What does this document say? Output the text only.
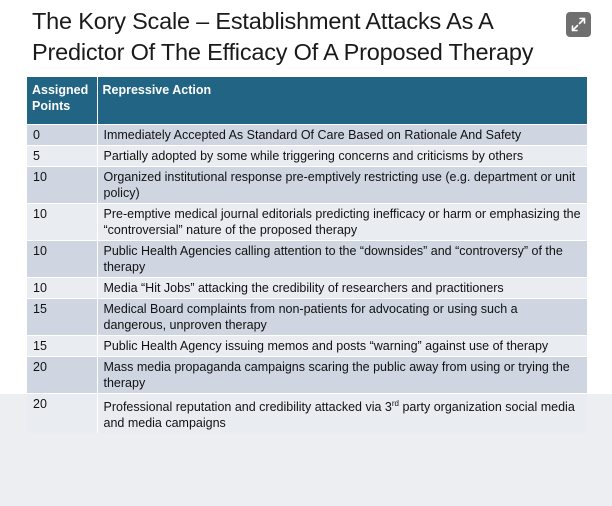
The Kory Scale – Establishment Attacks As A Predictor Of The Efficacy Of A Proposed Therapy
Assigned Points	Repressive Action
0	Immediately Accepted As Standard Of Care Based on Rationale And Safety
5	Partially adopted by some while triggering concerns and criticisms by others
10	Organized institutional response pre-emptively restricting use (e.g. department or unit policy)
10	Pre-emptive medical journal editorials predicting inefficacy or harm or emphasizing the “controversial” nature of the proposed therapy
10	Public Health Agencies calling attention to the “downsides” and “controversy” of the therapy
10	Media “Hit Jobs” attacking the credibility of researchers and practitioners
15	Medical Board complaints from non-patients for advocating or using such a dangerous, unproven therapy
15	Public Health Agency issuing memos and posts “warning” against use of therapy
20	Mass media propaganda campaigns scaring the public away from using or trying the therapy
20	Professional reputation and credibility attacked via 3rd party organization social media and media campaigns
